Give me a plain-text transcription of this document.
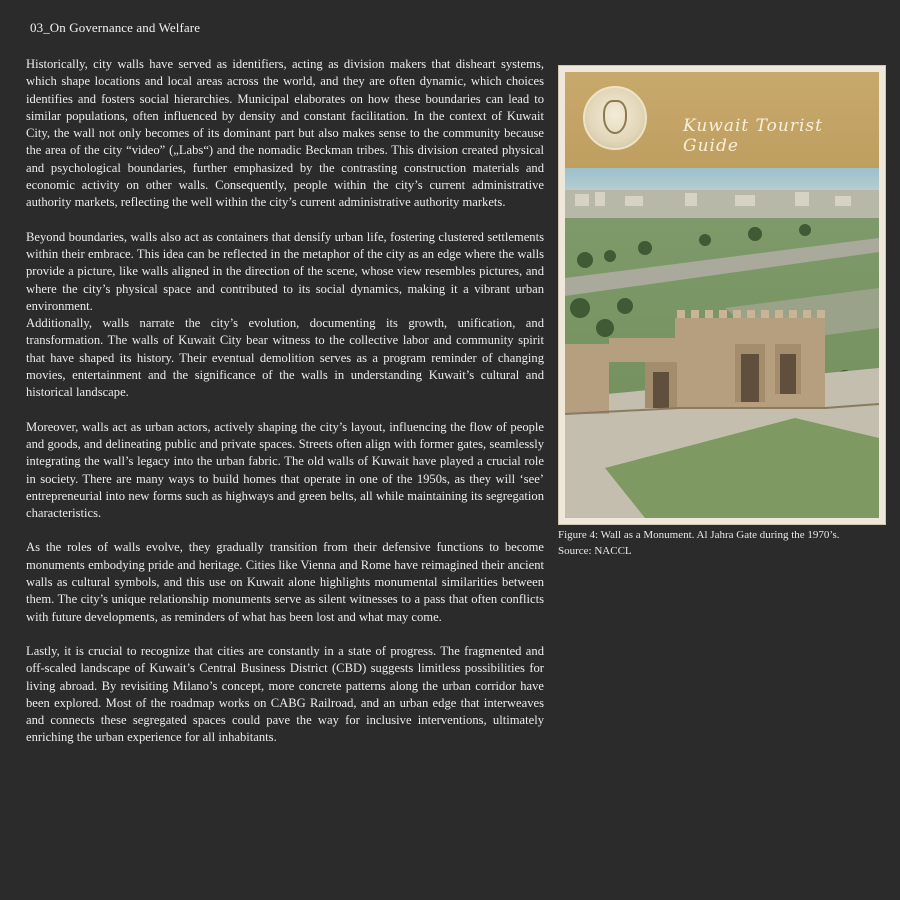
03_On Governance and Welfare

Historically, city walls have served as identifiers, acting as division makers that disheart systems, which shape locations and local areas across the world, and they are often dynamic, which choices identifies and fosters social hierarchies. Municipal elaborates on how these boundaries can lead to similar populations, often influenced by density and constant facilitation. In the context of Kuwait City, the wall not only becomes of its dominant part but also makes sense to the community because the area of the city “video” („Labs“) and the nomadic Beckman tribes. This division created physical and psychological boundaries, further emphasized by the contrasting construction materials and economic activity on other walls. Consequently, people within the city’s current administrative authority markets, reflecting the well within the city’s current administrative authority markets.

Beyond boundaries, walls also act as containers that densify urban life, fostering clustered settlements within their embrace. This idea can be reflected in the metaphor of the city as an edge where the walls provide a picture, like walls aligned in the direction of the scene, whose view resembles pictures, and where the city’s physical space and contributed to its social dynamics, making it a vibrant urban environment.

Additionally, walls narrate the city’s evolution, documenting its growth, unification, and transformation. The walls of Kuwait City bear witness to the collective labor and community spirit that have shaped its history. Their eventual demolition serves as a program reminder of changing movies, entertainment and the significance of the walls in understanding Kuwait’s cultural and historical landscape.

Moreover, walls act as urban actors, actively shaping the city’s layout, influencing the flow of people and goods, and delineating public and private spaces. Streets often align with former gates, seamlessly integrating the wall’s legacy into the urban fabric. The old walls of Kuwait have played a crucial role in society. There are many ways to build homes that operate in one of the 1950s, as they will ‘see’ entrepreneurial into new forms such as highways and green belts, all while maintaining its segregation characteristics.

As the roles of walls evolve, they gradually transition from their defensive functions to become monuments embodying pride and heritage. Cities like Vienna and Rome have reimagined their ancient walls as cultural symbols, and this use on Kuwait alone highlights monumental similarities between them. The city’s unique relationship monuments serve as silent witnesses to a pass that often conflicts with future developments, as reminders of what has been lost and what may come.

Lastly, it is crucial to recognize that cities are constantly in a state of progress. The fragmented and off-scaled landscape of Kuwait’s Central Business District (CBD) suggests limitless possibilities for living abroad. By revisiting Milano’s concept, more concrete patterns along the urban corridor have been explored. Most of the roadmap works on CABG Railroad, and an urban edge that interweaves and connects these segregated spaces could pave the way for inclusive interventions, ultimately enriching the urban experience for all inhabitants.

Kuwait Tourist Guide
Figure 4: Wall as a Monument. Al Jahra Gate during the 1970’s.
Source: NACCL
